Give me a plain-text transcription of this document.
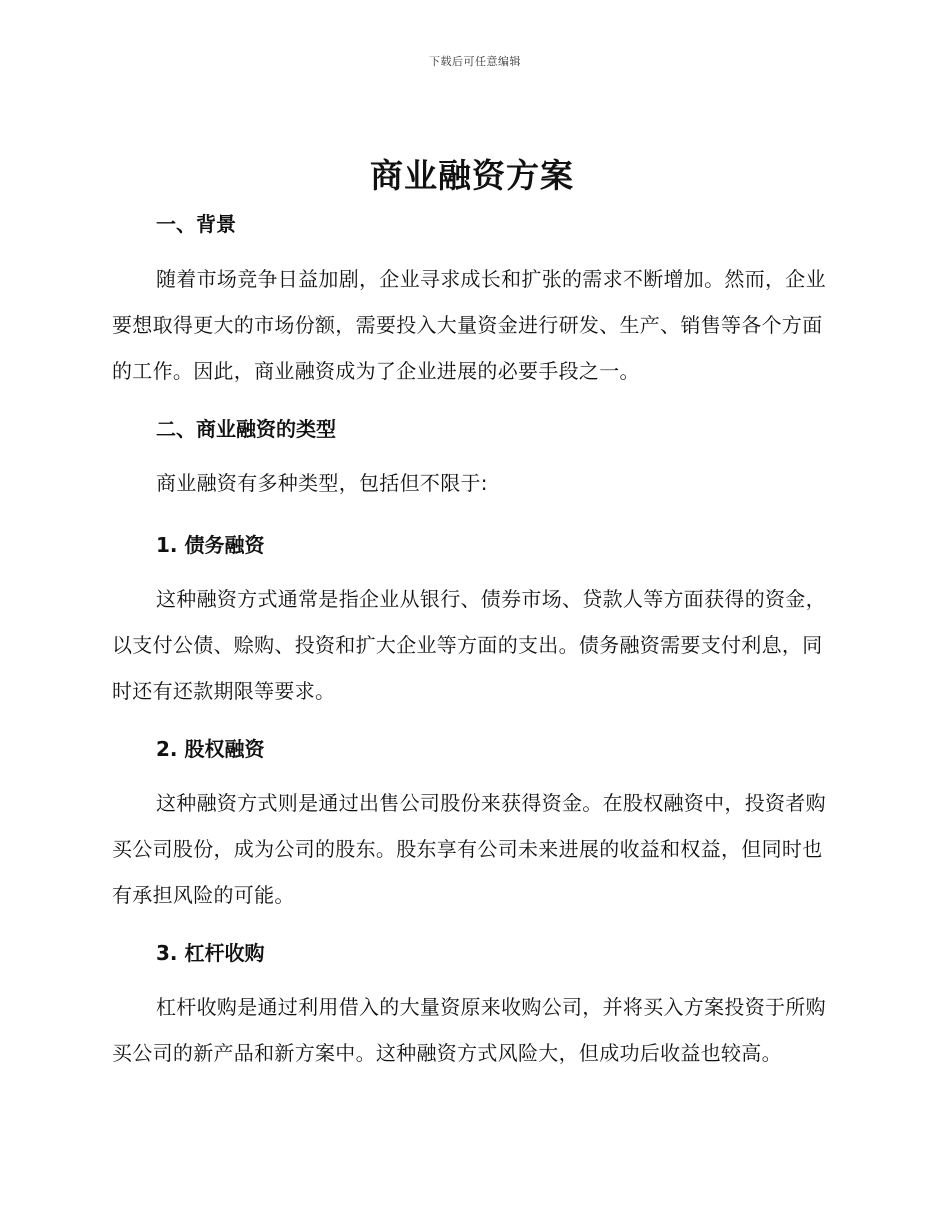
下载后可任意编辑
商业融资方案
一、背景

随着市场竞争日益加剧，企业寻求成长和扩张的需求不断增加。然而，企业要想取得更大的市场份额，需要投入大量资金进行研发、生产、销售等各个方面的工作。因此，商业融资成为了企业进展的必要手段之一。

二、商业融资的类型

商业融资有多种类型，包括但不限于:

1. 债务融资

这种融资方式通常是指企业从银行、债券市场、贷款人等方面获得的资金，以支付公债、赊购、投资和扩大企业等方面的支出。债务融资需要支付利息，同时还有还款期限等要求。

2. 股权融资

这种融资方式则是通过出售公司股份来获得资金。在股权融资中，投资者购买公司股份，成为公司的股东。股东享有公司未来进展的收益和权益，但同时也有承担风险的可能。

3. 杠杆收购

杠杆收购是通过利用借入的大量资原来收购公司，并将买入方案投资于所购买公司的新产品和新方案中。这种融资方式风险大，但成功后收益也较高。
